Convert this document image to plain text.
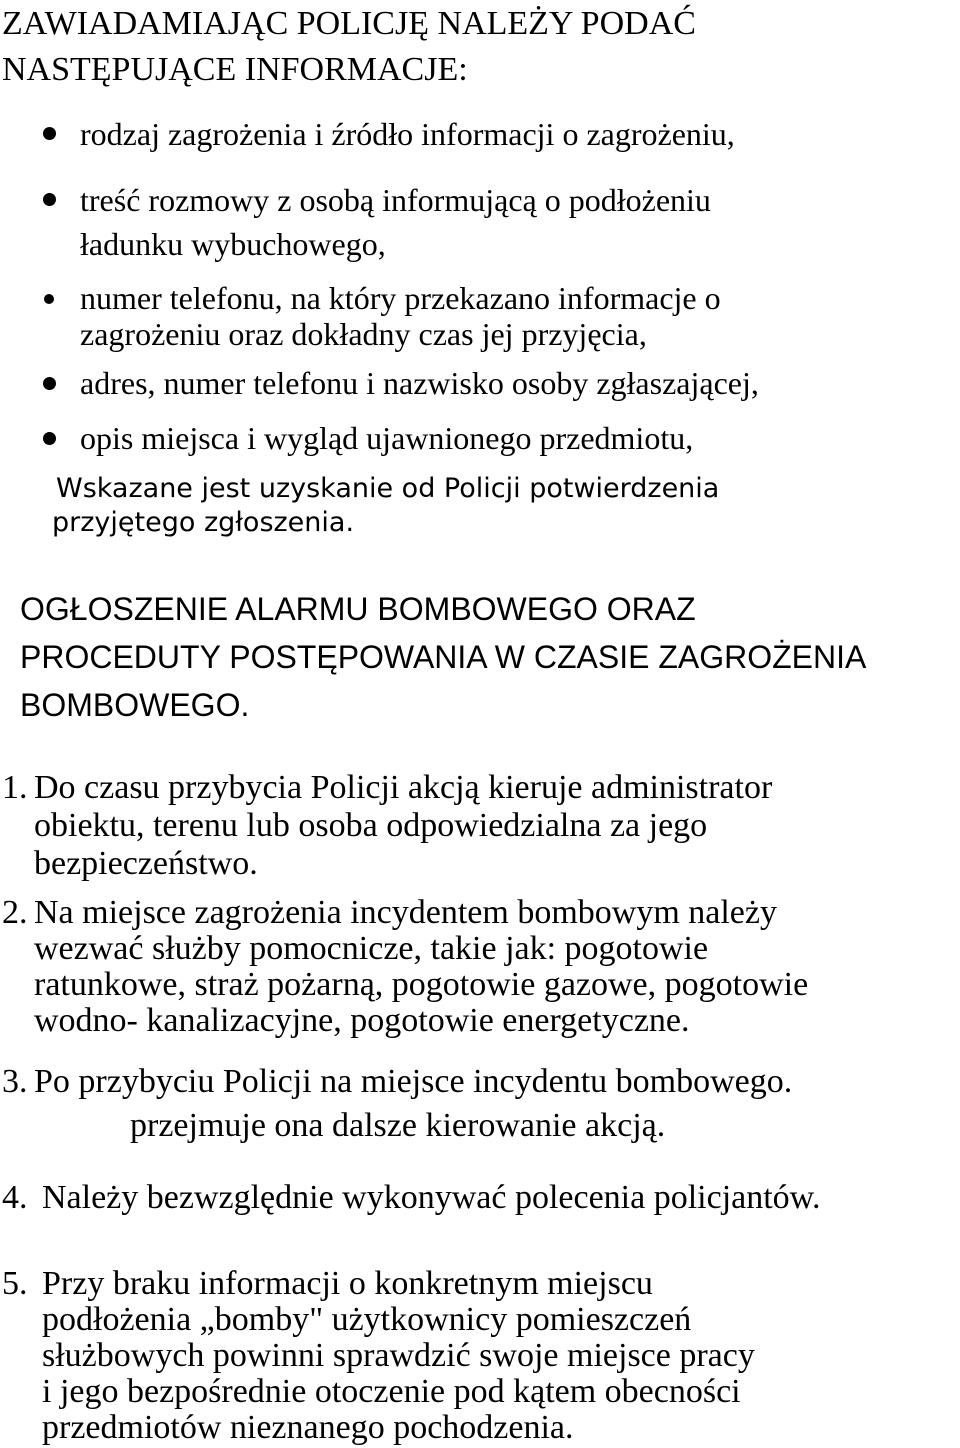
ZAWIADAMIAJĄC POLICJĘ NALEŻY PODAĆ

NASTĘPUJĄCE INFORMACJE:

rodzaj zagrożenia i źródło informacji o zagrożeniu,

treść rozmowy z osobą informującą o podłożeniu

ładunku wybuchowego,

numer telefonu, na który przekazano informacje o

zagrożeniu oraz dokładny czas jej przyjęcia,

adres, numer telefonu i nazwisko osoby zgłaszającej,

opis miejsca i wygląd ujawnionego przedmiotu,

Wskazane jest uzyskanie od Policji potwierdzenia

przyjętego zgłoszenia.

OGŁOSZENIE ALARMU BOMBOWEGO ORAZ

PROCEDUTY POSTĘPOWANIA W CZASIE ZAGROŻENIA

BOMBOWEGO.

1. Do czasu przybycia Policji akcją kieruje administrator

obiektu, terenu lub osoba odpowiedzialna za jego

bezpieczeństwo.

2. Na miejsce zagrożenia incydentem bombowym należy

wezwać służby pomocnicze, takie jak: pogotowie

ratunkowe, straż pożarną, pogotowie gazowe, pogotowie

wodno- kanalizacyjne, pogotowie energetyczne.

3. Po przybyciu Policji na miejsce incydentu bombowego.

przejmuje ona dalsze kierowanie akcją.

4. Należy bezwzględnie wykonywać polecenia policjantów.

5. Przy braku informacji o konkretnym miejscu

podłożenia „bomby" użytkownicy pomieszczeń

służbowych powinni sprawdzić swoje miejsce pracy

i jego bezpośrednie otoczenie pod kątem obecności

przedmiotów nieznanego pochodzenia.
